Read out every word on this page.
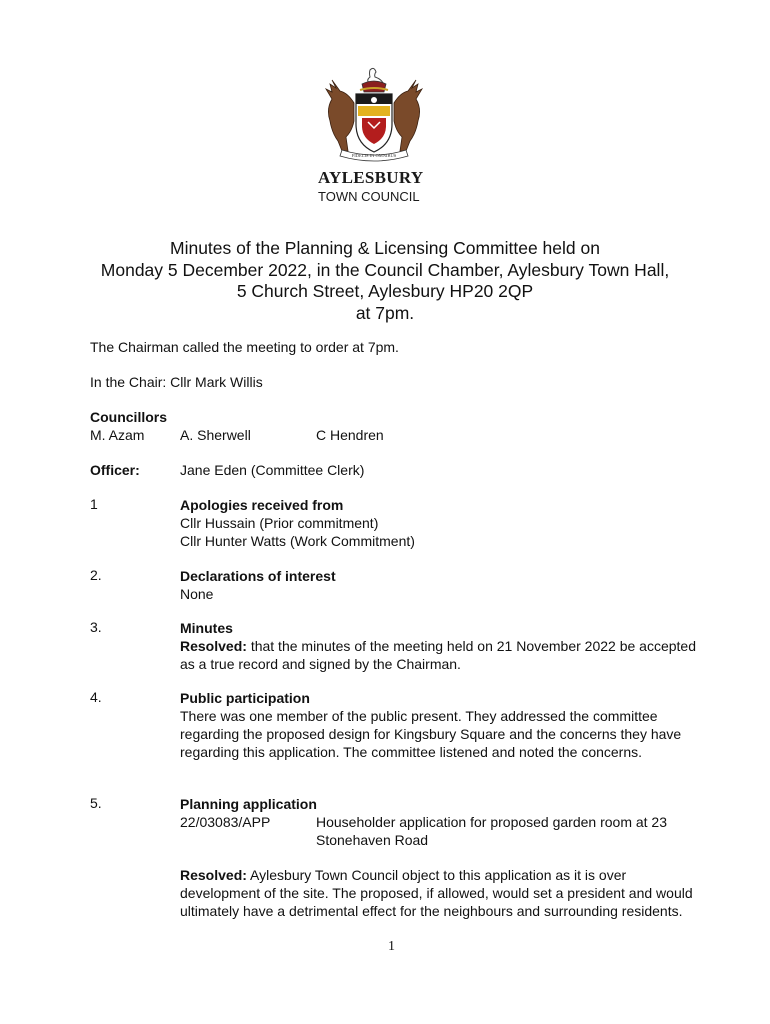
FIDELIS IN OMNIBUS
AYLESBURY
TOWN COUNCIL
Minutes of the Planning & Licensing Committee held on
Monday 5 December 2022, in the Council Chamber, Aylesbury Town Hall,
5 Church Street, Aylesbury HP20 2QP
at 7pm.
The Chairman called the meeting to order at 7pm.
In the Chair: Cllr Mark Willis
Councillors
M. Azam	A. Sherwell	C Hendren
Officer:	Jane Eden (Committee Clerk)
1	Apologies received from
Cllr Hussain (Prior commitment)
Cllr Hunter Watts (Work Commitment)
2.	Declarations of interest
None
3.	Minutes
Resolved: that the minutes of the meeting held on 21 November 2022 be accepted as a true record and signed by the Chairman.
4.	Public participation
There was one member of the public present. They addressed the committee regarding the proposed design for Kingsbury Square and the concerns they have regarding this application. The committee listened and noted the concerns.
5.	Planning application
22/03083/APP	Householder application for proposed garden room at 23 Stonehaven Road
Resolved: Aylesbury Town Council object to this application as it is over development of the site. The proposed, if allowed, would set a president and would ultimately have a detrimental effect for the neighbours and surrounding residents.
1
